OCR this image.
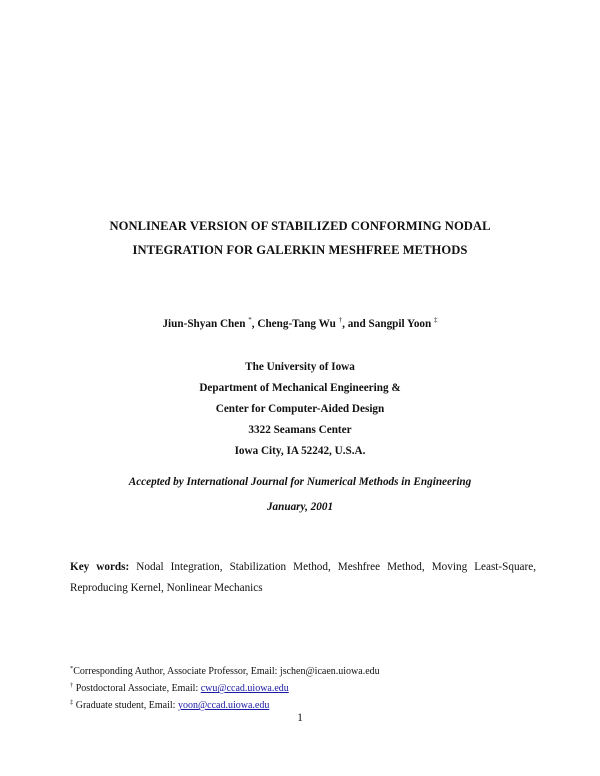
NONLINEAR VERSION OF STABILIZED CONFORMING NODAL
INTEGRATION FOR GALERKIN MESHFREE METHODS
Jiun-Shyan Chen *, Cheng-Tang Wu †, and Sangpil Yoon ‡
The University of Iowa
Department of Mechanical Engineering &
Center for Computer-Aided Design
3322 Seamans Center
Iowa City, IA 52242, U.S.A.
Accepted by International Journal for Numerical Methods in Engineering
January, 2001
Key words: Nodal Integration, Stabilization Method, Meshfree Method, Moving Least-Square, Reproducing Kernel, Nonlinear Mechanics
*Corresponding Author, Associate Professor, Email: jschen@icaen.uiowa.edu
† Postdoctoral Associate, Email: cwu@ccad.uiowa.edu
‡ Graduate student, Email: yoon@ccad.uiowa.edu
1
